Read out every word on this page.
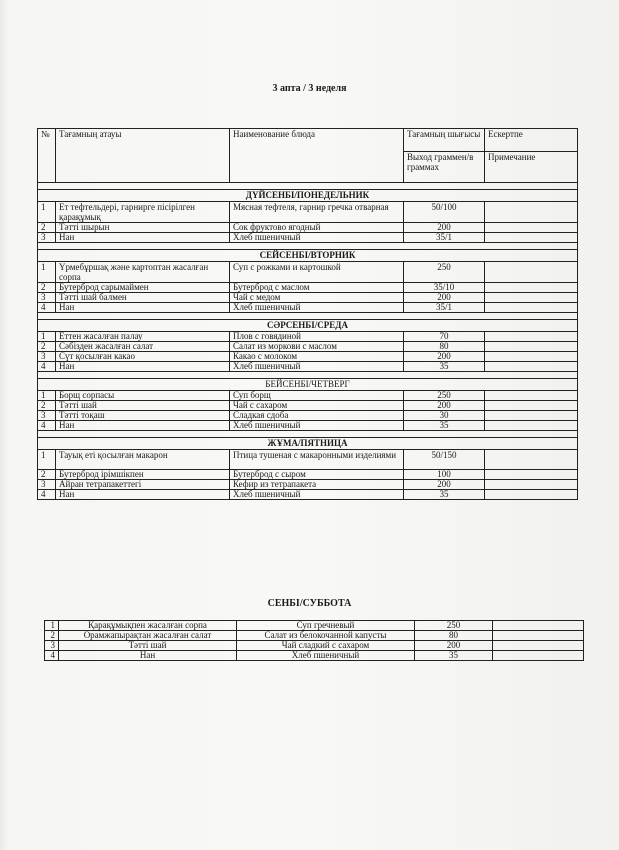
3 апта / 3 неделя
№	Тағамның атауы	Наименование блюда	Тағамның шығысы	Ескертпе
			Выход граммен/в граммах	Примечание

ДҮЙСЕНБІ/ПОНЕДЕЛЬНИК				
1	Ет тефтельдері, гарнирге пісірілген қарақұмық	Мясная тефтеля, гарнир гречка отварная	50/100	
2	Тәтті шырын	Сок фруктово ягодный	200	
3	Нан	Хлеб пшеничный	35/1	

СЕЙСЕНБІ/ВТОРНИК				
1	Үрмебұршақ және картоптан жасалған сорпа	Суп с рожками и картошкой	250	
2	Бутерброд сарымаймен	Бутерброд с маслом	35/10	
3	Тәтті шай балмен	Чай с медом	200	
4	Нан	Хлеб пшеничный	35/1	

СӘРСЕНБІ/СРЕДА				
1	Еттен жасалған палау	Плов с говядиной	70	
2	Сәбізден жасалған салат	Салат из моркови с маслом	80	
3	Сүт қосылған какао	Какао с молоком	200	
4	Нан	Хлеб пшеничный	35	

БЕЙСЕНБІ/ЧЕТВЕРГ				
1	Борщ сорпасы	Суп борщ	250	
2	Тәтті шай	Чай с сахаром	200	
3	Тәтті тоқаш	Сладкая сдоба	30	
4	Нан	Хлеб пшеничный	35	

ЖҰМА/ПЯТНИЦА				
1	Тауық еті қосылған макарон	Птица тушеная с макаронными изделиями	50/150	
2	Бутерброд ірімшікпен	Бутерброд с сыром	100	
3	Айран тетрапакеттегі	Кефир из тетрапакета	200	
4	Нан	Хлеб пшеничный	35	
СЕНБІ/СУББОТА
1	Қарақұмықпен жасалған сорпа	Суп гречневый	250	
2	Орамжапырақтан жасалған салат	Салат из белокочанной капусты	80	
3	Тәтті шай	Чай сладкий с сахаром	200	
4	Нан	Хлеб пшеничный	35	
